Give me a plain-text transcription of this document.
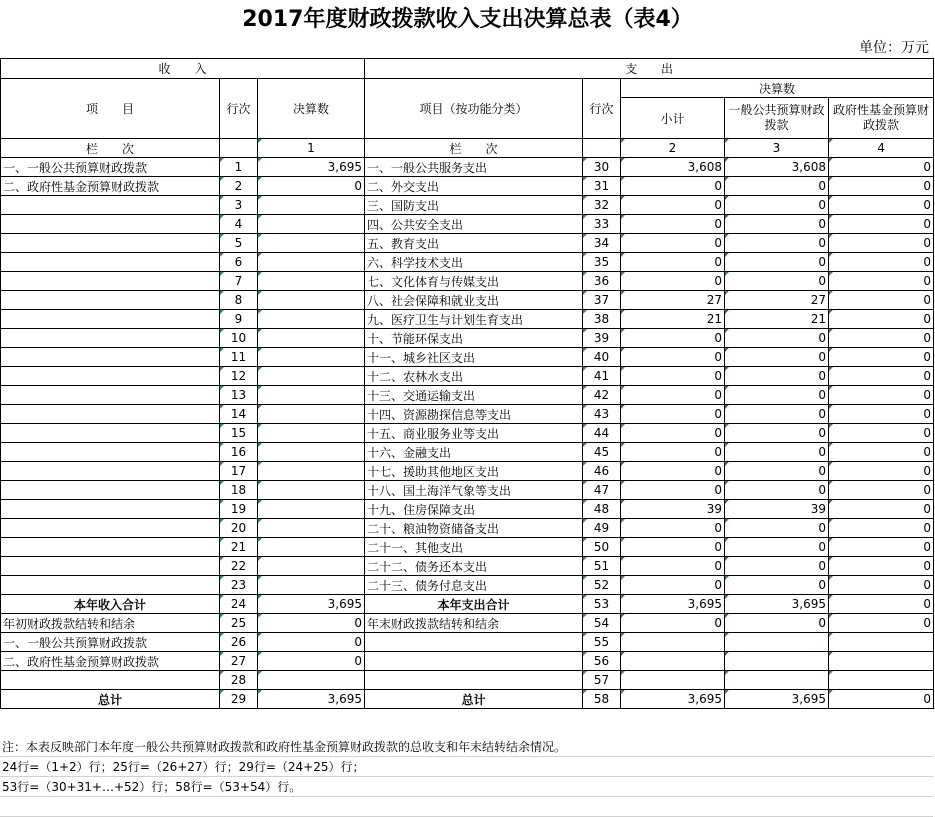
2017年度财政拨款收入支出决算总表（表4）
单位：万元
收　　入			支　　出				
项　　目	行次	决算数	项目（按功能分类）	行次	决算数		
					小计	一般公共预算财政拨款	政府性基金预算财政拨款
栏　　次		1	栏　　次		2	3	4
一、一般公共预算财政拨款	1	3,695	一、一般公共服务支出	30	3,608	3,608	0
二、政府性基金预算财政拨款	2	0	二、外交支出	31	0	0	0
	3		三、国防支出	32	0	0	0
	4		四、公共安全支出	33	0	0	0
	5		五、教育支出	34	0	0	0
	6		六、科学技术支出	35	0	0	0
	7		七、文化体育与传媒支出	36	0	0	0
	8		八、社会保障和就业支出	37	27	27	0
	9		九、医疗卫生与计划生育支出	38	21	21	0
	10		十、节能环保支出	39	0	0	0
	11		十一、城乡社区支出	40	0	0	0
	12		十二、农林水支出	41	0	0	0
	13		十三、交通运输支出	42	0	0	0
	14		十四、资源勘探信息等支出	43	0	0	0
	15		十五、商业服务业等支出	44	0	0	0
	16		十六、金融支出	45	0	0	0
	17		十七、援助其他地区支出	46	0	0	0
	18		十八、国土海洋气象等支出	47	0	0	0
	19		十九、住房保障支出	48	39	39	0
	20		二十、粮油物资储备支出	49	0	0	0
	21		二十一、其他支出	50	0	0	0
	22		二十二、债务还本支出	51	0	0	0
	23		二十三、债务付息支出	52	0	0	0
本年收入合计	24	3,695	本年支出合计	53	3,695	3,695	0
年初财政拨款结转和结余	25	0	年末财政拨款结转和结余	54	0	0	0
一、一般公共预算财政拨款	26	0		55			
二、政府性基金预算财政拨款	27	0		56			
	28			57			
总计	29	3,695	总计	58	3,695	3,695	0
注：本表反映部门本年度一般公共预算财政拨款和政府性基金预算财政拨款的总收支和年末结转结余情况。
24行=（1+2）行；25行=（26+27）行；29行=（24+25）行；
53行=（30+31+…+52）行；58行=（53+54）行。
